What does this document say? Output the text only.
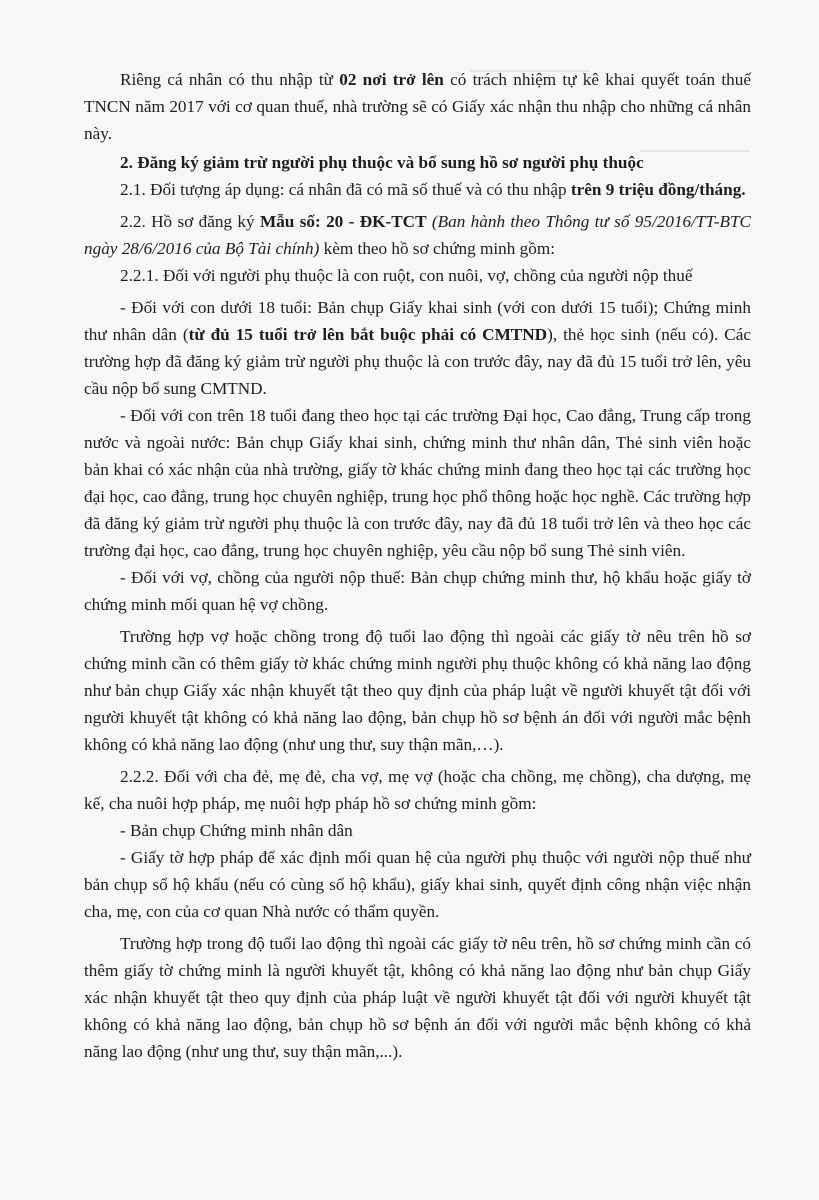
Riêng cá nhân có thu nhập từ 02 nơi trở lên có trách nhiệm tự kê khai quyết toán thuế TNCN năm 2017 với cơ quan thuế, nhà trường sẽ có Giấy xác nhận thu nhập cho những cá nhân này.

2. Đăng ký giảm trừ người phụ thuộc và bổ sung hồ sơ người phụ thuộc

2.1. Đối tượng áp dụng: cá nhân đã có mã số thuế và có thu nhập trên 9 triệu đồng/tháng.

2.2. Hồ sơ đăng ký Mẫu số: 20 - ĐK-TCT (Ban hành theo Thông tư số 95/2016/TT-BTC ngày 28/6/2016 của Bộ Tài chính) kèm theo hồ sơ chứng minh gồm:

2.2.1. Đối với người phụ thuộc là con ruột, con nuôi, vợ, chồng của người nộp thuế

- Đối với con dưới 18 tuổi: Bản chụp Giấy khai sinh (với con dưới 15 tuổi); Chứng minh thư nhân dân (từ đủ 15 tuổi trở lên bắt buộc phải có CMTND), thẻ học sinh (nếu có). Các trường hợp đã đăng ký giảm trừ người phụ thuộc là con trước đây, nay đã đủ 15 tuổi trở lên, yêu cầu nộp bổ sung CMTND.

- Đối với con trên 18 tuổi đang theo học tại các trường Đại học, Cao đẳng, Trung cấp trong nước và ngoài nước: Bản chụp Giấy khai sinh, chứng minh thư nhân dân, Thẻ sinh viên hoặc bản khai có xác nhận của nhà trường, giấy tờ khác chứng minh đang theo học tại các trường học đại học, cao đẳng, trung học chuyên nghiệp, trung học phổ thông hoặc học nghề. Các trường hợp đã đăng ký giảm trừ người phụ thuộc là con trước đây, nay đã đủ 18 tuổi trở lên và theo học các trường đại học, cao đẳng, trung học chuyên nghiệp, yêu cầu nộp bổ sung Thẻ sinh viên.

- Đối với vợ, chồng của người nộp thuế: Bản chụp chứng minh thư, hộ khẩu hoặc giấy tờ chứng minh mối quan hệ vợ chồng.

Trường hợp vợ hoặc chồng trong độ tuổi lao động thì ngoài các giấy tờ nêu trên hồ sơ chứng minh cần có thêm giấy tờ khác chứng minh người phụ thuộc không có khả năng lao động như bản chụp Giấy xác nhận khuyết tật theo quy định của pháp luật về người khuyết tật đối với người khuyết tật không có khả năng lao động, bản chụp hồ sơ bệnh án đối với người mắc bệnh không có khả năng lao động (như ung thư, suy thận mãn,…).

2.2.2. Đối với cha đẻ, mẹ đẻ, cha vợ, mẹ vợ (hoặc cha chồng, mẹ chồng), cha dượng, mẹ kế, cha nuôi hợp pháp, mẹ nuôi hợp pháp hồ sơ chứng minh gồm:

- Bản chụp Chứng minh nhân dân

- Giấy tờ hợp pháp để xác định mối quan hệ của người phụ thuộc với người nộp thuế như bản chụp sổ hộ khẩu (nếu có cùng sổ hộ khẩu), giấy khai sinh, quyết định công nhận việc nhận cha, mẹ, con của cơ quan Nhà nước có thẩm quyền.

Trường hợp trong độ tuổi lao động thì ngoài các giấy tờ nêu trên, hồ sơ chứng minh cần có thêm giấy tờ chứng minh là người khuyết tật, không có khả năng lao động như bản chụp Giấy xác nhận khuyết tật theo quy định của pháp luật về người khuyết tật đối với người khuyết tật không có khả năng lao động, bản chụp hồ sơ bệnh án đối với người mắc bệnh không có khả năng lao động (như ung thư, suy thận mãn,...).
